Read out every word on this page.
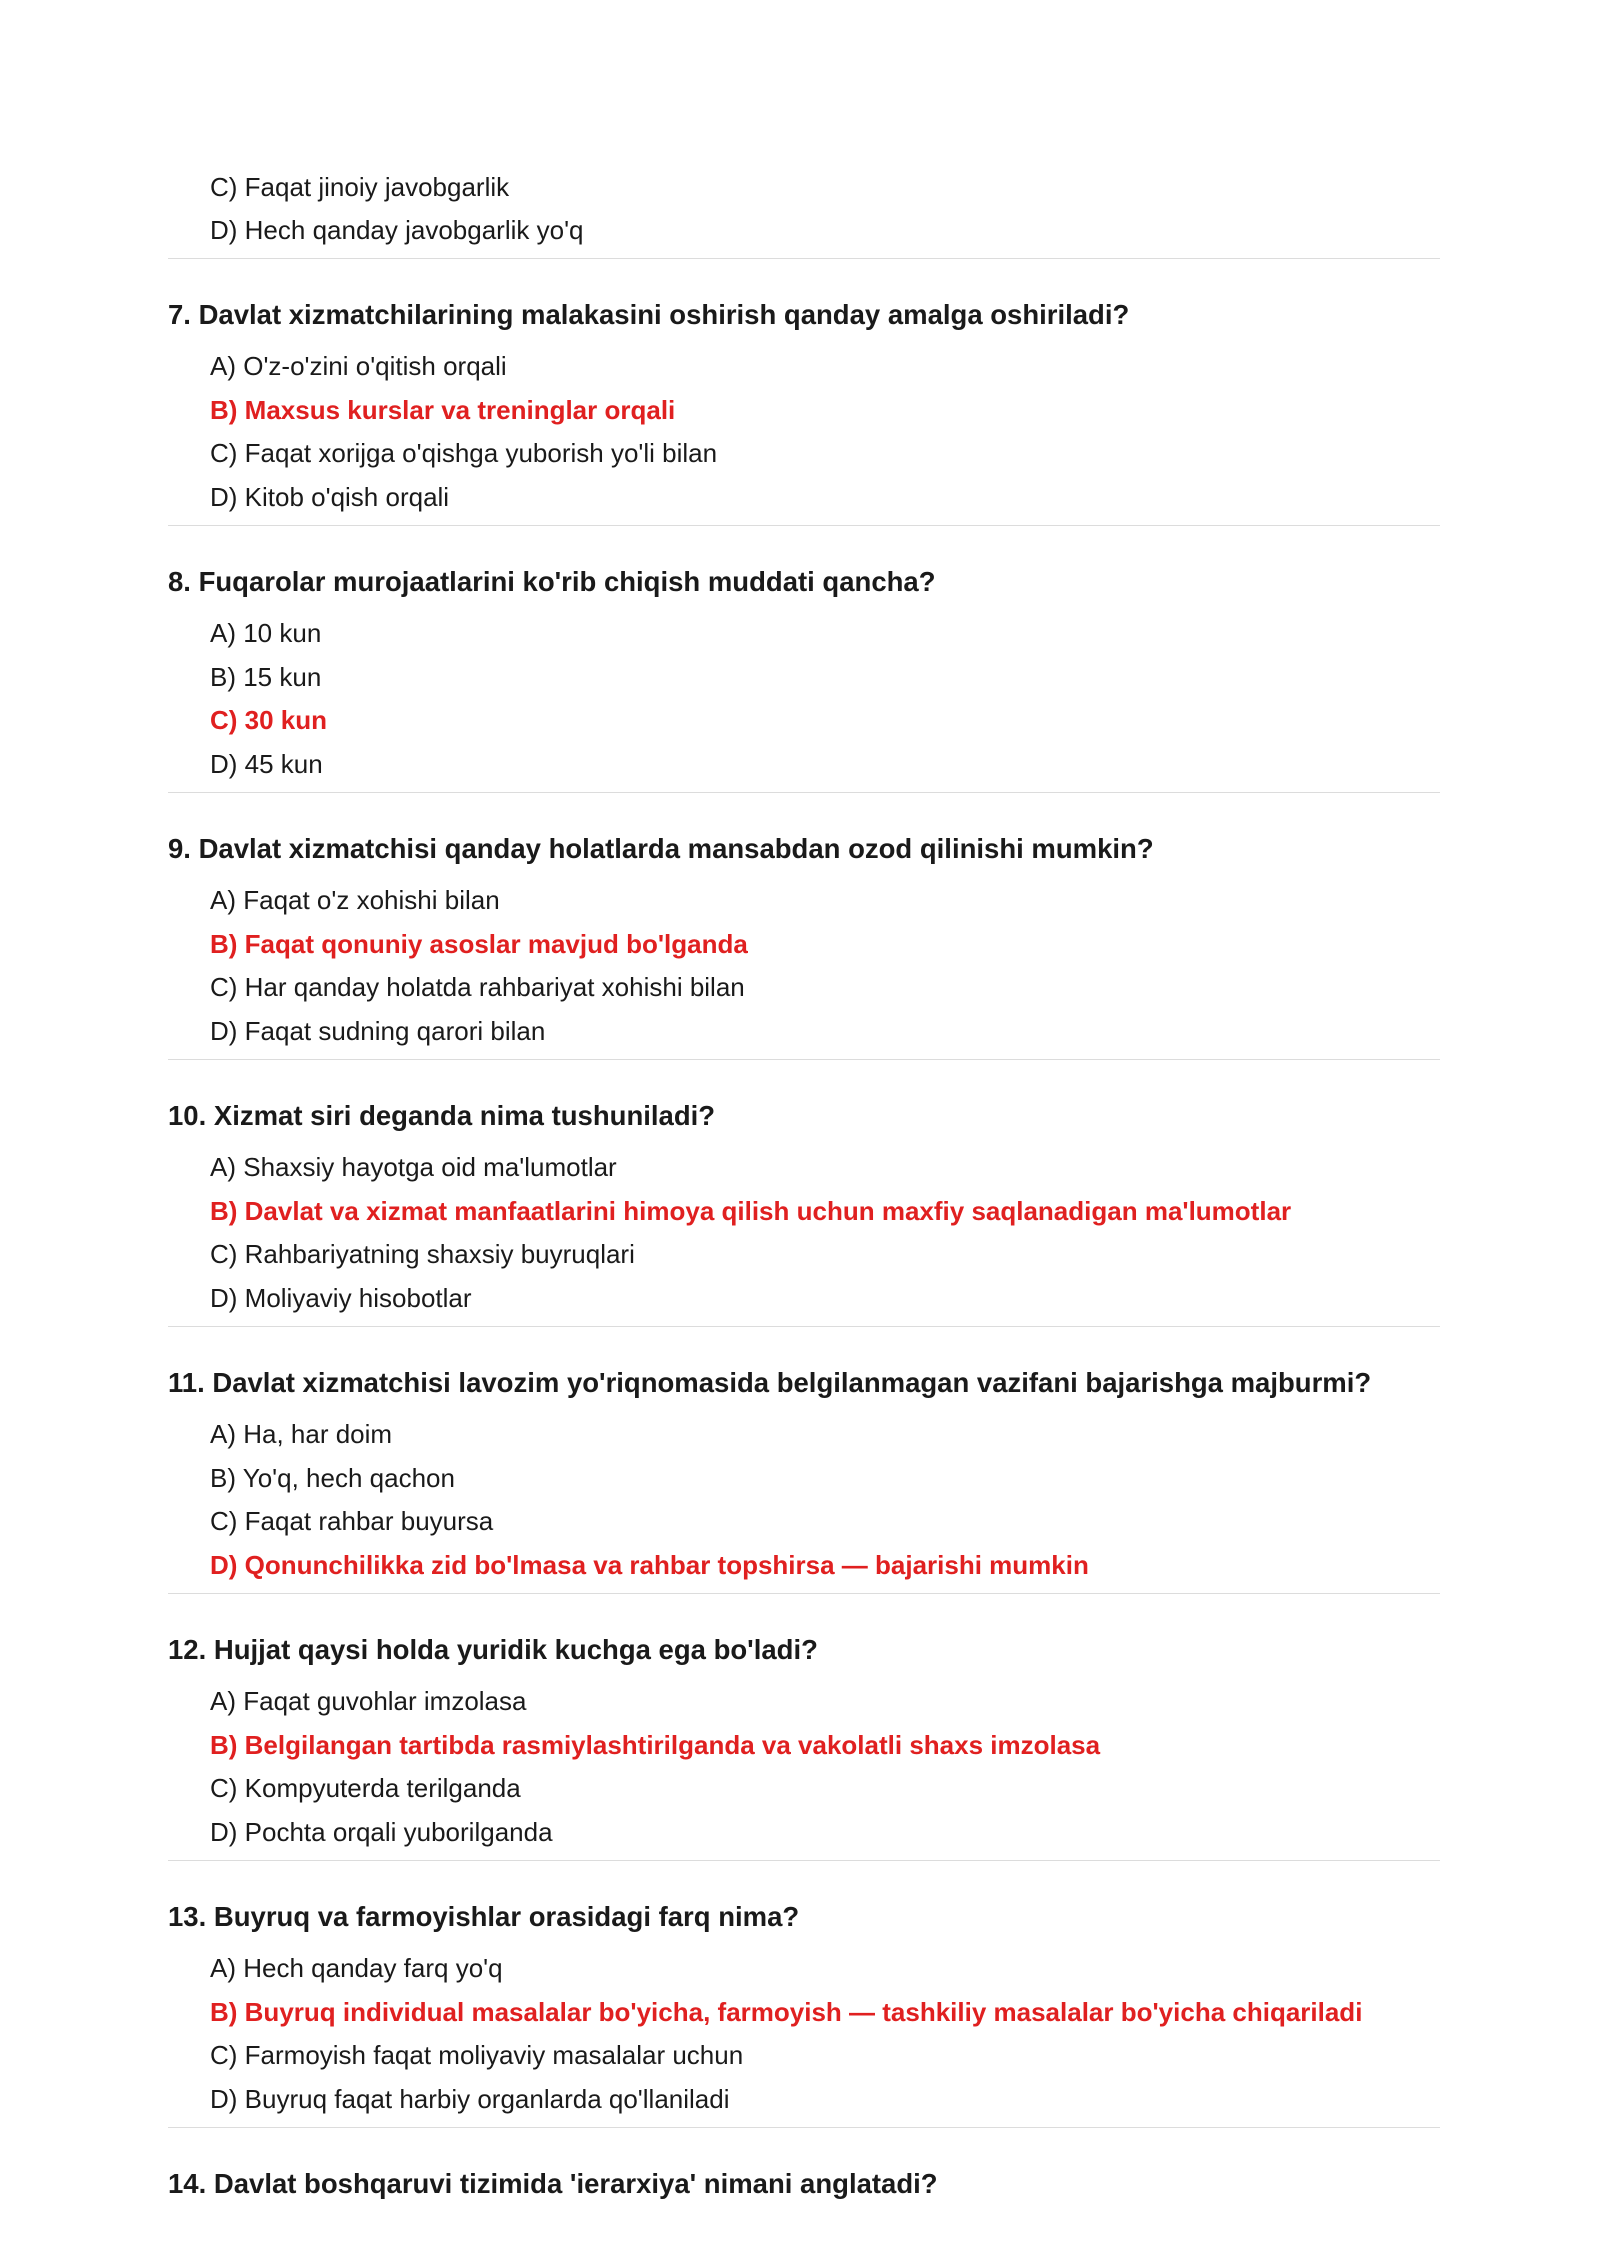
C) Faqat jinoiy javobgarlik
D) Hech qanday javobgarlik yo'q
7. Davlat xizmatchilarining malakasini oshirish qanday amalga oshiriladi?
A) O'z-o'zini o'qitish orqali
B) Maxsus kurslar va treninglar orqali
C) Faqat xorijga o'qishga yuborish yo'li bilan
D) Kitob o'qish orqali
8. Fuqarolar murojaatlarini ko'rib chiqish muddati qancha?
A) 10 kun
B) 15 kun
C) 30 kun
D) 45 kun
9. Davlat xizmatchisi qanday holatlarda mansabdan ozod qilinishi mumkin?
A) Faqat o'z xohishi bilan
B) Faqat qonuniy asoslar mavjud bo'lganda
C) Har qanday holatda rahbariyat xohishi bilan
D) Faqat sudning qarori bilan
10. Xizmat siri deganda nima tushuniladi?
A) Shaxsiy hayotga oid ma'lumotlar
B) Davlat va xizmat manfaatlarini himoya qilish uchun maxfiy saqlanadigan ma'lumotlar
C) Rahbariyatning shaxsiy buyruqlari
D) Moliyaviy hisobotlar
11. Davlat xizmatchisi lavozim yo'riqnomasida belgilanmagan vazifani bajarishga majburmi?
A) Ha, har doim
B) Yo'q, hech qachon
C) Faqat rahbar buyursa
D) Qonunchilikka zid bo'lmasa va rahbar topshirsa — bajarishi mumkin
12. Hujjat qaysi holda yuridik kuchga ega bo'ladi?
A) Faqat guvohlar imzolasa
B) Belgilangan tartibda rasmiylashtirilganda va vakolatli shaxs imzolasa
C) Kompyuterda terilganda
D) Pochta orqali yuborilganda
13. Buyruq va farmoyishlar orasidagi farq nima?
A) Hech qanday farq yo'q
B) Buyruq individual masalalar bo'yicha, farmoyish — tashkiliy masalalar bo'yicha chiqariladi
C) Farmoyish faqat moliyaviy masalalar uchun
D) Buyruq faqat harbiy organlarda qo'llaniladi
14. Davlat boshqaruvi tizimida 'ierarxiya' nimani anglatadi?
